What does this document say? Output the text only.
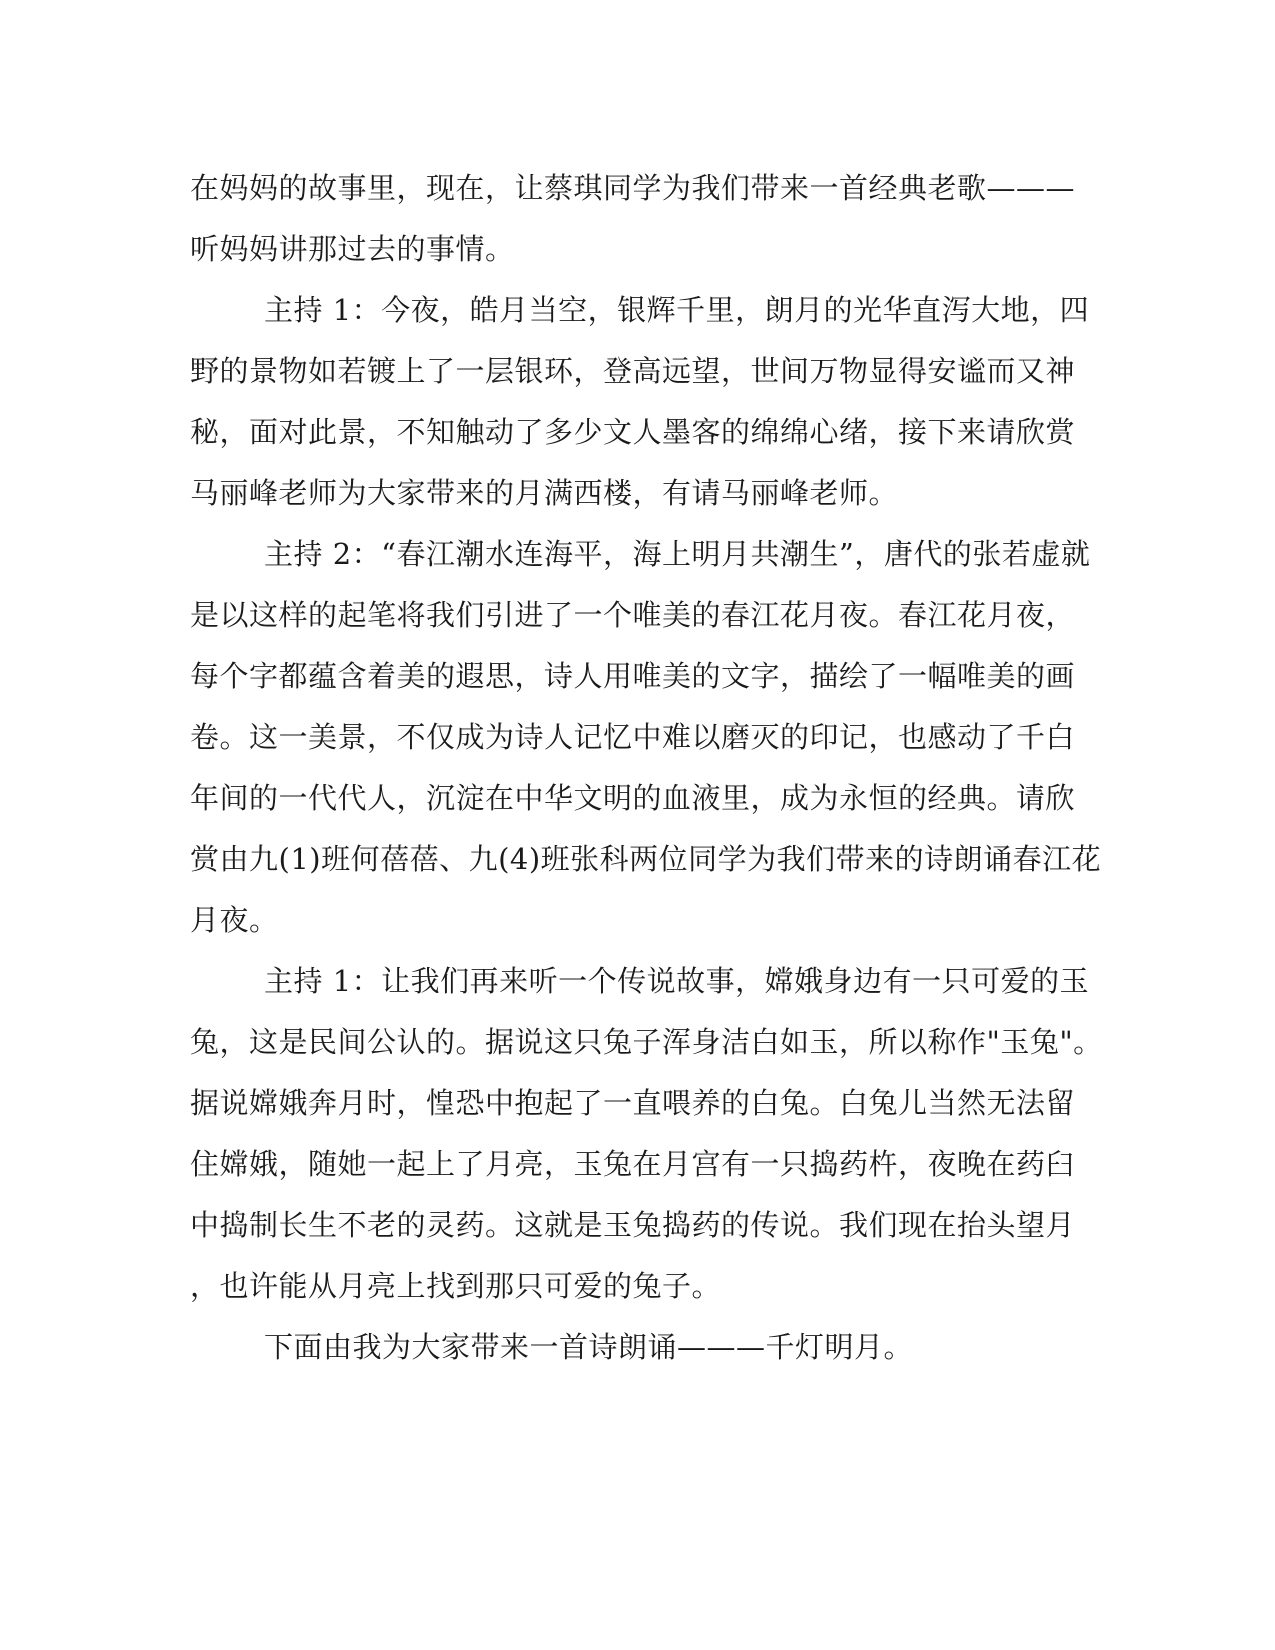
在妈妈的故事里，现在，让蔡琪同学为我们带来一首经典老歌———
听妈妈讲那过去的事情。
主持 1：今夜，皓月当空，银辉千里，朗月的光华直泻大地，四
野的景物如若镀上了一层银环，登高远望，世间万物显得安谧而又神
秘，面对此景，不知触动了多少文人墨客的绵绵心绪，接下来请欣赏
马丽峰老师为大家带来的月满西楼，有请马丽峰老师。
主持 2：“春江潮水连海平，海上明月共潮生”，唐代的张若虚就
是以这样的起笔将我们引进了一个唯美的春江花月夜。春江花月夜，
每个字都蕴含着美的遐思，诗人用唯美的文字，描绘了一幅唯美的画
卷。这一美景，不仅成为诗人记忆中难以磨灭的印记，也感动了千白
年间的一代代人，沉淀在中华文明的血液里，成为永恒的经典。请欣
赏由九(1)班何蓓蓓、九(4)班张科两位同学为我们带来的诗朗诵春江花
月夜。
主持 1：让我们再来听一个传说故事，嫦娥身边有一只可爱的玉
兔，这是民间公认的。据说这只兔子浑身洁白如玉，所以称作"玉兔"。
据说嫦娥奔月时，惶恐中抱起了一直喂养的白兔。白兔儿当然无法留
住嫦娥，随她一起上了月亮，玉兔在月宫有一只捣药杵，夜晚在药臼
中捣制长生不老的灵药。这就是玉兔捣药的传说。我们现在抬头望月
，也许能从月亮上找到那只可爱的兔子。
下面由我为大家带来一首诗朗诵———千灯明月。
